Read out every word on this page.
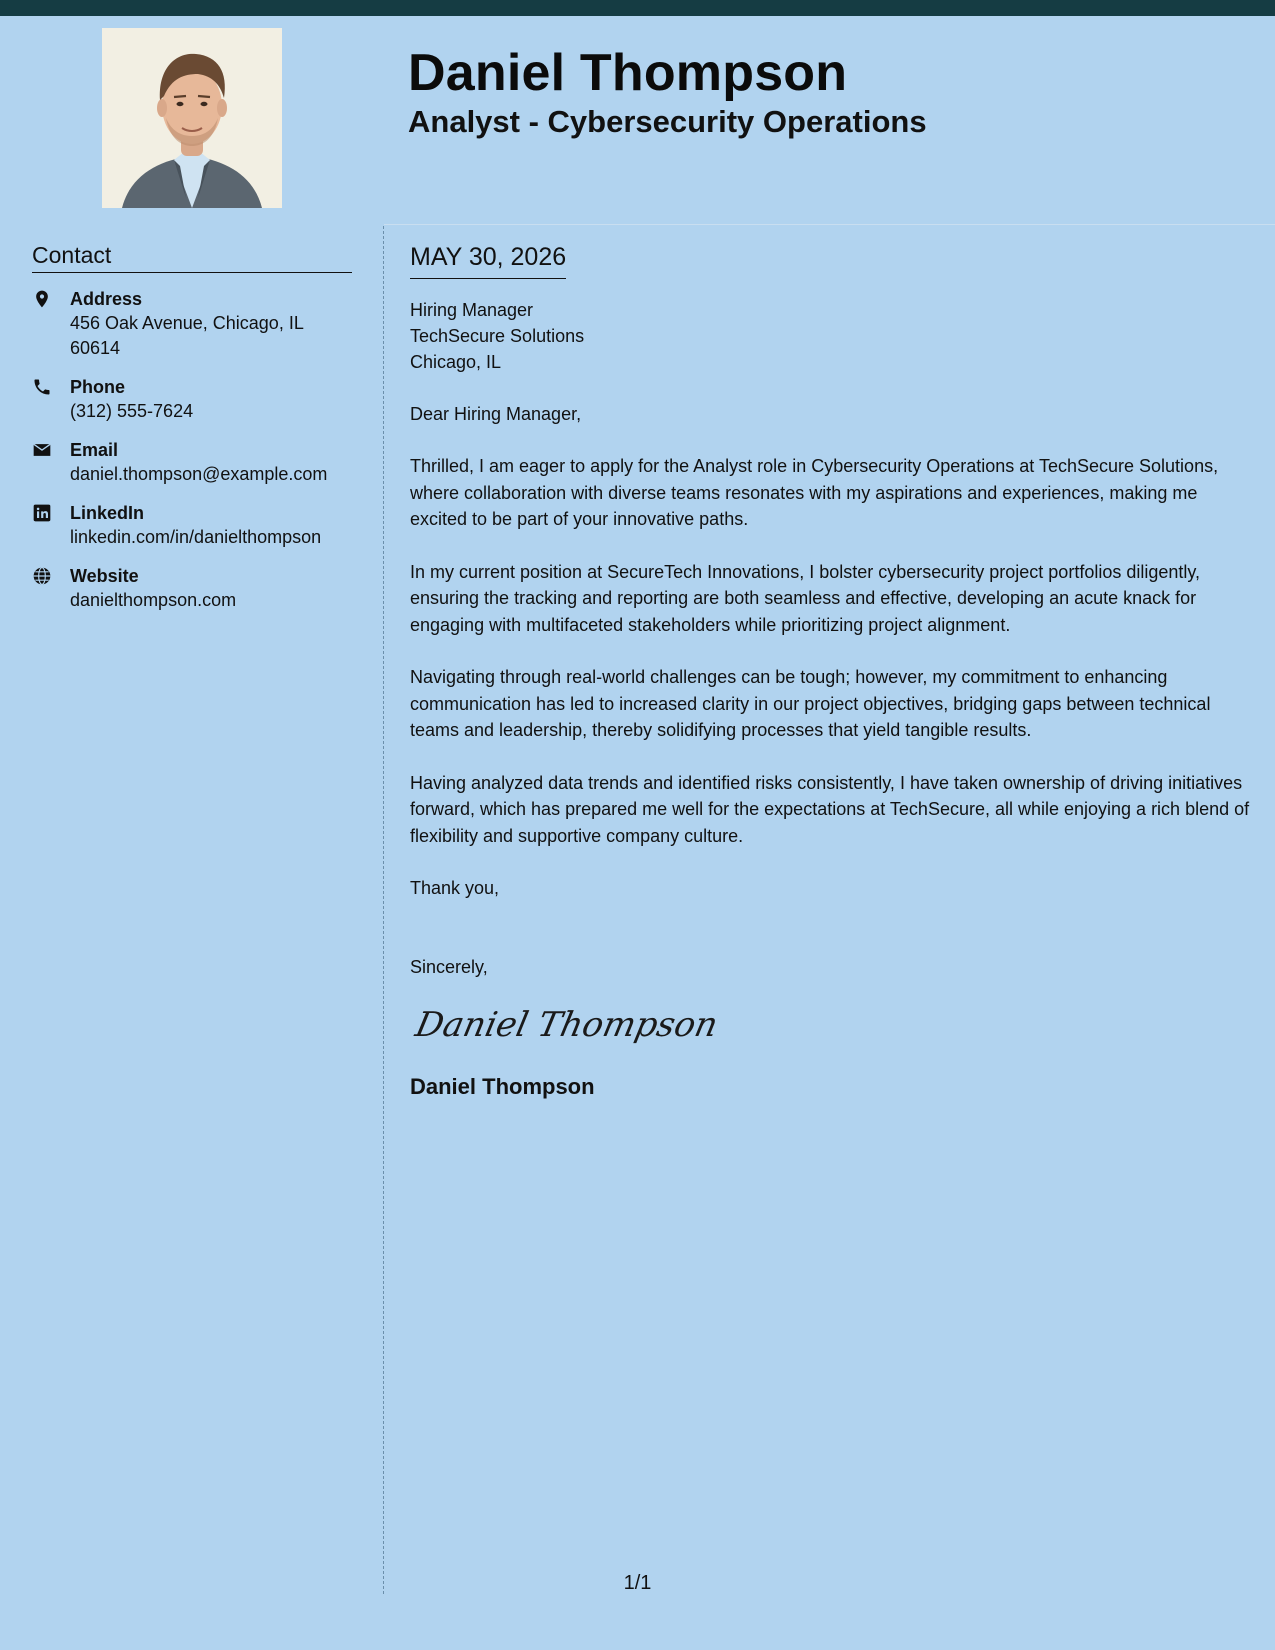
Daniel Thompson
Analyst - Cybersecurity Operations
Contact
Address
456 Oak Avenue, Chicago, IL 60614
Phone
(312) 555-7624
Email
daniel.thompson@example.com
LinkedIn
linkedin.com/in/danielthompson
Website
danielthompson.com
MAY 30, 2026
Hiring Manager
TechSecure Solutions
Chicago, IL
Dear Hiring Manager,

Thrilled, I am eager to apply for the Analyst role in Cybersecurity Operations at TechSecure Solutions, where collaboration with diverse teams resonates with my aspirations and experiences, making me excited to be part of your innovative paths.

In my current position at SecureTech Innovations, I bolster cybersecurity project portfolios diligently, ensuring the tracking and reporting are both seamless and effective, developing an acute knack for engaging with multifaceted stakeholders while prioritizing project alignment.

Navigating through real-world challenges can be tough; however, my commitment to enhancing communication has led to increased clarity in our project objectives, bridging gaps between technical teams and leadership, thereby solidifying processes that yield tangible results.

Having analyzed data trends and identified risks consistently, I have taken ownership of driving initiatives forward, which has prepared me well for the expectations at TechSecure, all while enjoying a rich blend of flexibility and supportive company culture.

Thank you,
Sincerely,
Daniel Thompson
Daniel Thompson
1/1
